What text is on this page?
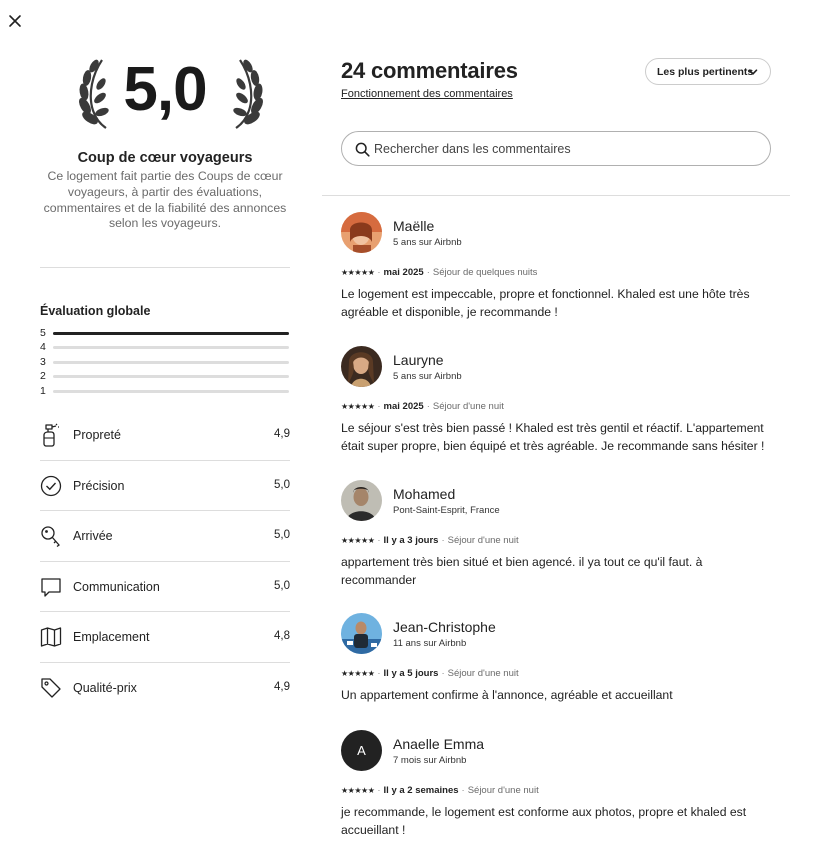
5,0
Coup de cœur voyageurs
Ce logement fait partie des Coups de cœur voyageurs, à partir des évaluations, commentaires et de la fiabilité des annonces selon les voyageurs.
Évaluation globale
5
4
3
2
1
Propreté	4,9
Précision	5,0
Arrivée	5,0
Communication	5,0
Emplacement	4,8
Qualité-prix	4,9
24 commentaires
Fonctionnement des commentaires
Les plus pertinents
Rechercher dans les commentaires
Maëlle
5 ans sur Airbnb
★★★★★ · mai 2025 · Séjour de quelques nuits
Le logement est impeccable, propre et fonctionnel. Khaled est une hôte très agréable et disponible, je recommande !
Lauryne
5 ans sur Airbnb
★★★★★ · mai 2025 · Séjour d'une nuit
Le séjour s'est très bien passé ! Khaled est très gentil et réactif. L'appartement était super propre, bien équipé et très agréable. Je recommande sans hésiter !
Mohamed
Pont-Saint-Esprit, France
★★★★★ · Il y a 3 jours · Séjour d'une nuit
appartement très bien situé et bien agencé. il ya tout ce qu'il faut. à recommander
Jean-Christophe
11 ans sur Airbnb
★★★★★ · Il y a 5 jours · Séjour d'une nuit
Un appartement confirme à l'annonce, agréable et accueillant
A	Anaelle Emma
7 mois sur Airbnb
★★★★★ · Il y a 2 semaines · Séjour d'une nuit
je recommande, le logement est conforme aux photos, propre et khaled est accueillant !
